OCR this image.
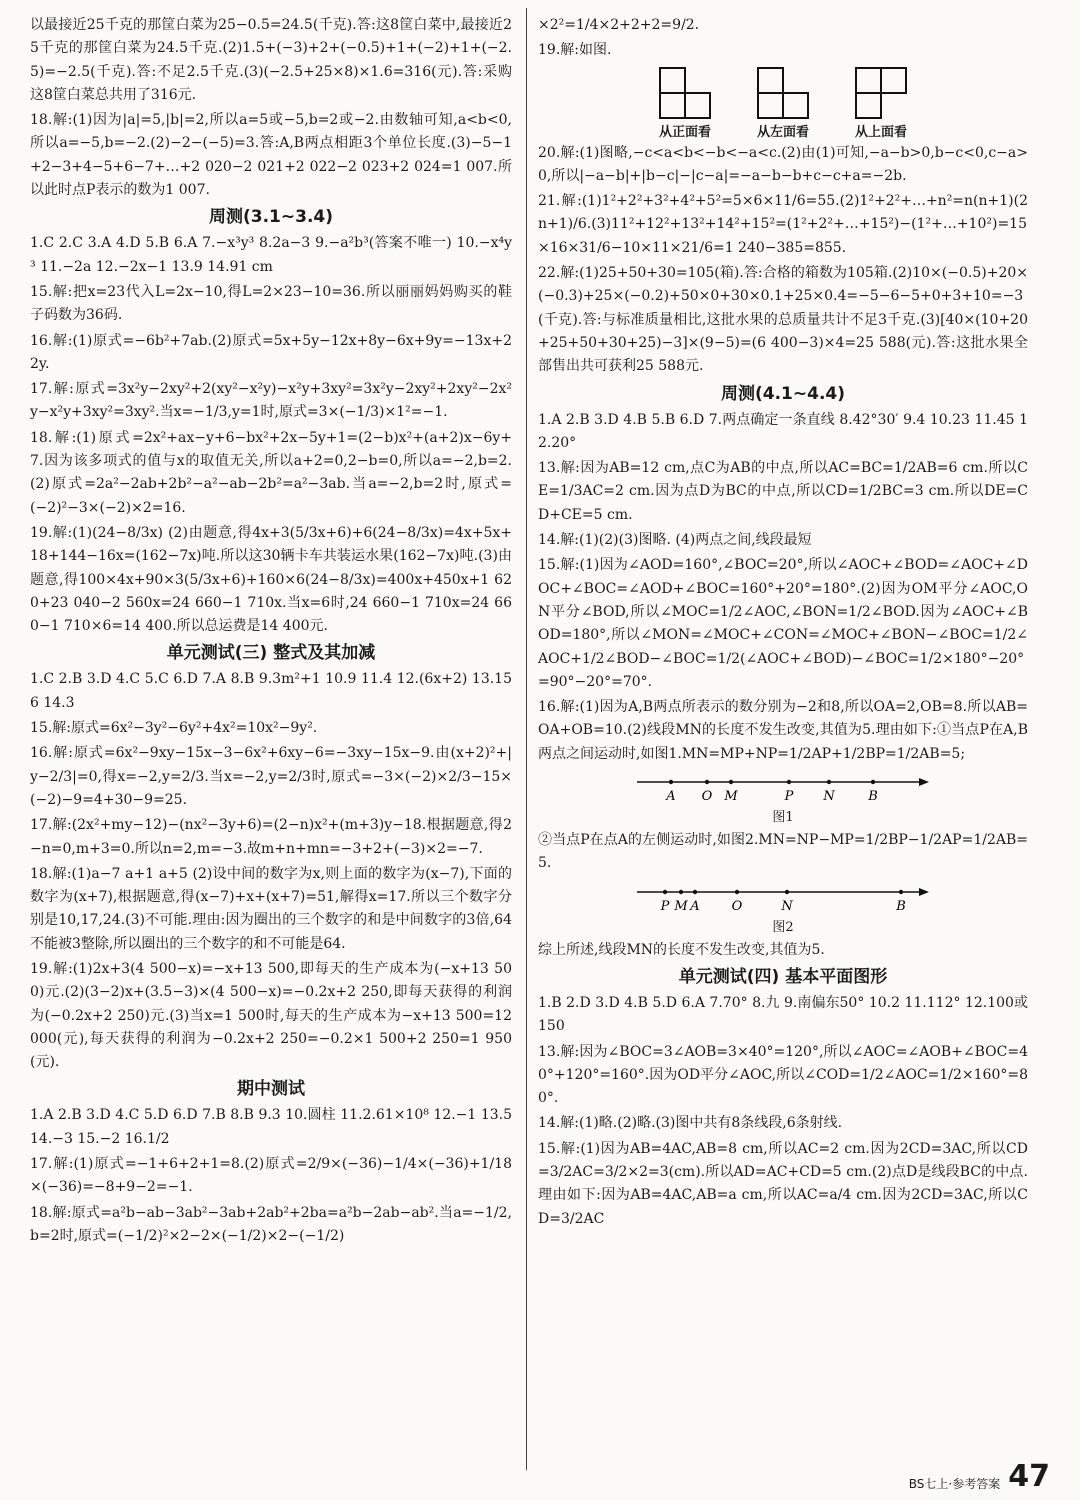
以最接近25千克的那筐白菜为25−0.5=24.5(千克).答:这8筐白菜中,最接近25千克的那筐白菜为24.5千克.(2)1.5+(−3)+2+(−0.5)+1+(−2)+1+(−2.5)=−2.5(千克).答:不足2.5千克.(3)(−2.5+25×8)×1.6=316(元).答:采购这8筐白菜总共用了316元.
18.解:(1)因为|a|=5,|b|=2,所以a=5或−5,b=2或−2.由数轴可知,a<b<0,所以a=−5,b=−2.(2)−2−(−5)=3.答:A,B两点相距3个单位长度.(3)−5−1+2−3+4−5+6−7+…+2 020−2 021+2 022−2 023+2 024=1 007.所以此时点P表示的数为1 007.
周测(3.1~3.4)
1.C 2.C 3.A 4.D 5.B 6.A 7.−x³y³ 8.2a−3 9.−a²b³(答案不唯一) 10.−x⁴y³ 11.−2a 12.−2x−1 13.9 14.91 cm
15.解:把x=23代入L=2x−10,得L=2×23−10=36.所以丽丽妈妈购买的鞋子码数为36码.
16.解:(1)原式=−6b²+7ab.(2)原式=5x+5y−12x+8y−6x+9y=−13x+22y.
17.解:原式=3x²y−2xy²+2(xy²−x²y)−x²y+3xy²=3x²y−2xy²+2xy²−2x²y−x²y+3xy²=3xy².当x=−1/3,y=1时,原式=3×(−1/3)×1²=−1.
18.解:(1)原式=2x²+ax−y+6−bx²+2x−5y+1=(2−b)x²+(a+2)x−6y+7.因为该多项式的值与x的取值无关,所以a+2=0,2−b=0,所以a=−2,b=2.(2)原式=2a²−2ab+2b²−a²−ab−2b²=a²−3ab.当a=−2,b=2时,原式=(−2)²−3×(−2)×2=16.
19.解:(1)(24−8/3x) (2)由题意,得4x+3(5/3x+6)+6(24−8/3x)=4x+5x+18+144−16x=(162−7x)吨.所以这30辆卡车共装运水果(162−7x)吨.(3)由题意,得100×4x+90×3(5/3x+6)+160×6(24−8/3x)=400x+450x+1 620+23 040−2 560x=24 660−1 710x.当x=6时,24 660−1 710x=24 660−1 710×6=14 400.所以总运费是14 400元.
单元测试(三) 整式及其加减
1.C 2.B 3.D 4.C 5.C 6.D 7.A 8.B 9.3m²+1 10.9 11.4 12.(6x+2) 13.156 14.3
15.解:原式=6x²−3y²−6y²+4x²=10x²−9y².
16.解:原式=6x²−9xy−15x−3−6x²+6xy−6=−3xy−15x−9.由(x+2)²+|y−2/3|=0,得x=−2,y=2/3.当x=−2,y=2/3时,原式=−3×(−2)×2/3−15×(−2)−9=4+30−9=25.
17.解:(2x²+my−12)−(nx²−3y+6)=(2−n)x²+(m+3)y−18.根据题意,得2−n=0,m+3=0.所以n=2,m=−3.故m+n+mn=−3+2+(−3)×2=−7.
18.解:(1)a−7 a+1 a+5 (2)设中间的数字为x,则上面的数字为(x−7),下面的数字为(x+7),根据题意,得(x−7)+x+(x+7)=51,解得x=17.所以三个数字分别是10,17,24.(3)不可能.理由:因为圈出的三个数字的和是中间数字的3倍,64不能被3整除,所以圈出的三个数字的和不可能是64.
19.解:(1)2x+3(4 500−x)=−x+13 500,即每天的生产成本为(−x+13 500)元.(2)(3−2)x+(3.5−3)×(4 500−x)=−0.2x+2 250,即每天获得的利润为(−0.2x+2 250)元.(3)当x=1 500时,每天的生产成本为−x+13 500=12 000(元),每天获得的利润为−0.2x+2 250=−0.2×1 500+2 250=1 950(元).
期中测试
1.A 2.B 3.D 4.C 5.D 6.D 7.B 8.B 9.3 10.圆柱 11.2.61×10⁸ 12.−1 13.5 14.−3 15.−2 16.1/2
17.解:(1)原式=−1+6+2+1=8.(2)原式=2/9×(−36)−1/4×(−36)+1/18×(−36)=−8+9−2=−1.
18.解:原式=a²b−ab−3ab²−3ab+2ab²+2ba=a²b−2ab−ab².当a=−1/2,b=2时,原式=(−1/2)²×2−2×(−1/2)×2−(−1/2)
×2²=1/4×2+2+2=9/2.
19.解:如图.
从正面看	从左面看	从上面看
20.解:(1)图略,−c<a<b<−b<−a<c.(2)由(1)可知,−a−b>0,b−c<0,c−a>0,所以|−a−b|+|b−c|−|c−a|=−a−b−b+c−c+a=−2b.
21.解:(1)1²+2²+3²+4²+5²=5×6×11/6=55.(2)1²+2²+…+n²=n(n+1)(2n+1)/6.(3)11²+12²+13²+14²+15²=(1²+2²+…+15²)−(1²+…+10²)=15×16×31/6−10×11×21/6=1 240−385=855.
22.解:(1)25+50+30=105(箱).答:合格的箱数为105箱.(2)10×(−0.5)+20×(−0.3)+25×(−0.2)+50×0+30×0.1+25×0.4=−5−6−5+0+3+10=−3(千克).答:与标准质量相比,这批水果的总质量共计不足3千克.(3)[40×(10+20+25+50+30+25)−3]×(9−5)=(6 400−3)×4=25 588(元).答:这批水果全部售出共可获利25 588元.
周测(4.1~4.4)
1.A 2.B 3.D 4.B 5.B 6.D 7.两点确定一条直线 8.42°30′ 9.4 10.23 11.45 12.20°
13.解:因为AB=12 cm,点C为AB的中点,所以AC=BC=1/2AB=6 cm.所以CE=1/3AC=2 cm.因为点D为BC的中点,所以CD=1/2BC=3 cm.所以DE=CD+CE=5 cm.
14.解:(1)(2)(3)图略. (4)两点之间,线段最短
15.解:(1)因为∠AOD=160°,∠BOC=20°,所以∠AOC+∠BOD=∠AOC+∠DOC+∠BOC=∠AOD+∠BOC=160°+20°=180°.(2)因为OM平分∠AOC,ON平分∠BOD,所以∠MOC=1/2∠AOC,∠BON=1/2∠BOD.因为∠AOC+∠BOD=180°,所以∠MON=∠MOC+∠CON=∠MOC+∠BON−∠BOC=1/2∠AOC+1/2∠BOD−∠BOC=1/2(∠AOC+∠BOD)−∠BOC=1/2×180°−20°=90°−20°=70°.
16.解:(1)因为A,B两点所表示的数分别为−2和8,所以OA=2,OB=8.所以AB=OA+OB=10.(2)线段MN的长度不发生改变,其值为5.理由如下:①当点P在A,B两点之间运动时,如图1.MN=MP+NP=1/2AP+1/2BP=1/2AB=5;
A O M	P N	B
图1
②当点P在点A的左侧运动时,如图2.MN=NP−MP=1/2BP−1/2AP=1/2AB=5.
P M A O	N	B
图2
综上所述,线段MN的长度不发生改变,其值为5.
单元测试(四) 基本平面图形
1.B 2.D 3.D 4.B 5.D 6.A 7.70° 8.九 9.南偏东50° 10.2 11.112° 12.100或150
13.解:因为∠BOC=3∠AOB=3×40°=120°,所以∠AOC=∠AOB+∠BOC=40°+120°=160°.因为OD平分∠AOC,所以∠COD=1/2∠AOC=1/2×160°=80°.
14.解:(1)略.(2)略.(3)图中共有8条线段,6条射线.
15.解:(1)因为AB=4AC,AB=8 cm,所以AC=2 cm.因为2CD=3AC,所以CD=3/2AC=3/2×2=3(cm).所以AD=AC+CD=5 cm.(2)点D是线段BC的中点.理由如下:因为AB=4AC,AB=a cm,所以AC=a/4 cm.因为2CD=3AC,所以CD=3/2AC
BS七上·参考答案 47
